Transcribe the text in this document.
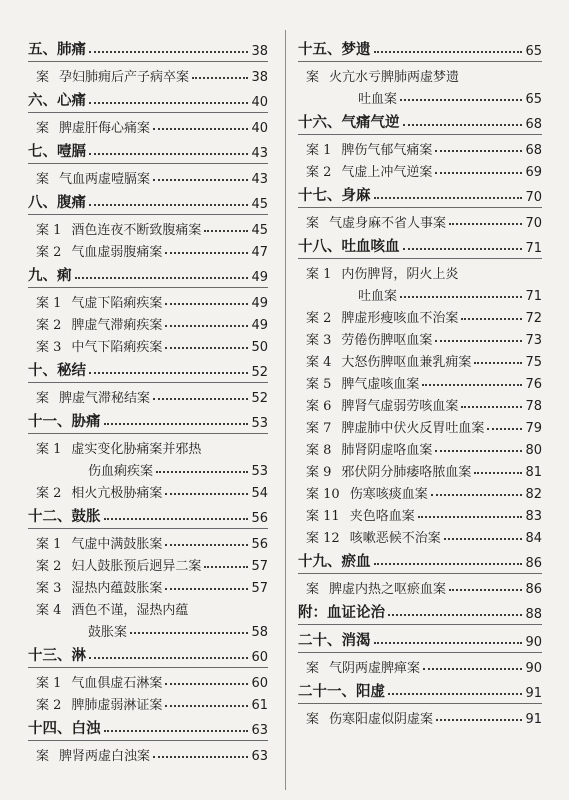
五、肺痛	38
案 孕妇肺痈后产子病卒案	38
六、心痛	40
案 脾虚肝侮心痛案	40
七、噎膈	43
案 气血两虚噎膈案	43
八、腹痛	45
案 1 酒色连夜不断致腹痛案	45
案 2 气血虚弱腹痛案	47
九、痢	49
案 1 气虚下陷痢疾案	49
案 2 脾虚气滞痢疾案	49
案 3 中气下陷痢疾案	50
十、秘结	52
案 脾虚气滞秘结案	52
十一、胁痛	53
案 1 虚实变化胁痛案并邪热
伤血痢疾案	53
案 2 相火亢极胁痛案	54
十二、鼓胀	56
案 1 气虚中满鼓胀案	56
案 2 妇人鼓胀预后迥异二案	57
案 3 湿热内蕴鼓胀案	57
案 4 酒色不谨，湿热内蕴
鼓胀案	58
十三、淋	60
案 1 气血俱虚石淋案	60
案 2 脾肺虚弱淋证案	61
十四、白浊	63
案 脾肾两虚白浊案	63
十五、梦遗	65
案 火亢水亏脾肺两虚梦遗
吐血案	65
十六、气痛气逆	68
案 1 脾伤气郁气痛案	68
案 2 气虚上冲气逆案	69
十七、身麻	70
案 气虚身麻不省人事案	70
十八、吐血咳血	71
案 1 内伤脾肾，阴火上炎
吐血案	71
案 2 脾虚形瘦咳血不治案	72
案 3 劳倦伤脾呕血案	73
案 4 大怒伤脾呕血兼乳痈案	75
案 5 脾气虚咳血案	76
案 6 脾肾气虚弱劳咳血案	78
案 7 脾虚肺中伏火反胃吐血案	79
案 8 肺肾阴虚咯血案	80
案 9 邪伏阴分肺痿咯脓血案	81
案 10 伤寒咳痰血案	82
案 11 夹色咯血案	83
案 12 咳嗽恶候不治案	84
十九、瘀血	86
案 脾虚内热之呕瘀血案	86
附：血证论治	88
二十、消渴	90
案 气阴两虚脾瘅案	90
二十一、阳虚	91
案 伤寒阳虚似阴虚案	91
